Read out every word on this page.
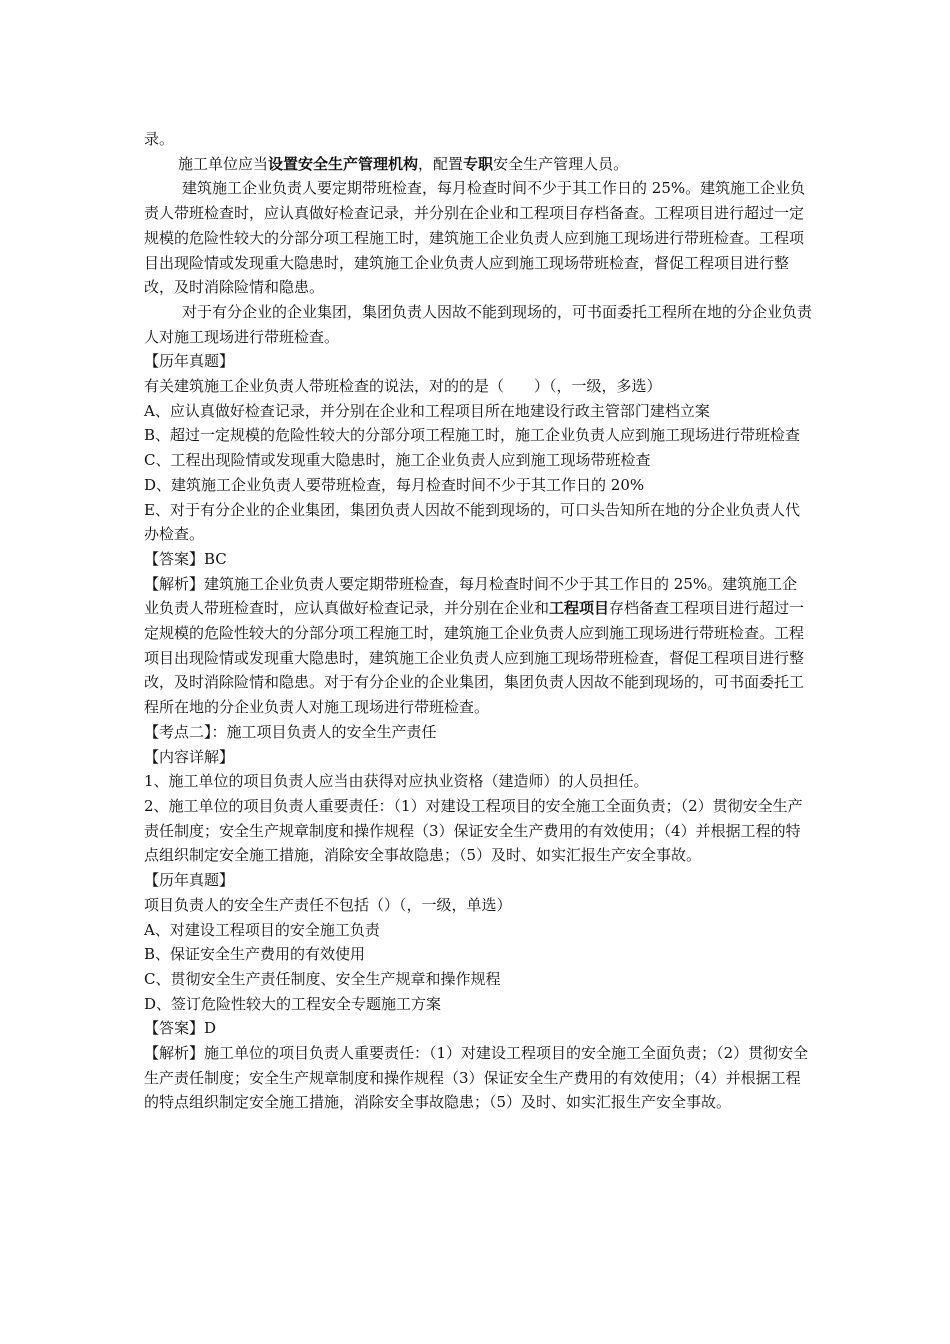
录。

施工单位应当设置安全生产管理机构，配置专职安全生产管理人员。

建筑施工企业负责人要定期带班检查，每月检查时间不少于其工作日的 25%。建筑施工企业负责人带班检查时，应认真做好检查记录，并分别在企业和工程项目存档备查。工程项目进行超过一定规模的危险性较大的分部分项工程施工时，建筑施工企业负责人应到施工现场进行带班检查。工程项目出现险情或发现重大隐患时，建筑施工企业负责人应到施工现场带班检查，督促工程项目进行整改，及时消除险情和隐患。

对于有分企业的企业集团，集团负责人因故不能到现场的，可书面委托工程所在地的分企业负责人对施工现场进行带班检查。

【历年真题】

有关建筑施工企业负责人带班检查的说法，对的的是（　　）（，一级，多选）

A、应认真做好检查记录，并分别在企业和工程项目所在地建设行政主管部门建档立案

B、超过一定规模的危险性较大的分部分项工程施工时，施工企业负责人应到施工现场进行带班检查

C、工程出现险情或发现重大隐患时，施工企业负责人应到施工现场带班检查

D、建筑施工企业负责人要带班检查，每月检查时间不少于其工作日的 20%

E、对于有分企业的企业集团，集团负责人因故不能到现场的，可口头告知所在地的分企业负责人代办检查。

【答案】BC

【解析】建筑施工企业负责人要定期带班检查，每月检查时间不少于其工作日的 25%。建筑施工企业负责人带班检查时，应认真做好检查记录，并分别在企业和工程项目存档备查工程项目进行超过一定规模的危险性较大的分部分项工程施工时，建筑施工企业负责人应到施工现场进行带班检查。工程项目出现险情或发现重大隐患时，建筑施工企业负责人应到施工现场带班检查，督促工程项目进行整改，及时消除险情和隐患。对于有分企业的企业集团，集团负责人因故不能到现场的，可书面委托工程所在地的分企业负责人对施工现场进行带班检查。

【考点二】：施工项目负责人的安全生产责任

【内容详解】

1、施工单位的项目负责人应当由获得对应执业资格（建造师）的人员担任。

2、施工单位的项目负责人重要责任：（1）对建设工程项目的安全施工全面负责；（2）贯彻安全生产责任制度；安全生产规章制度和操作规程（3）保证安全生产费用的有效使用；（4）并根据工程的特点组织制定安全施工措施，消除安全事故隐患；（5）及时、如实汇报生产安全事故。

【历年真题】

项目负责人的安全生产责任不包括（）（，一级，单选）

A、对建设工程项目的安全施工负责

B、保证安全生产费用的有效使用

C、贯彻安全生产责任制度、安全生产规章和操作规程

D、签订危险性较大的工程安全专题施工方案

【答案】D

【解析】施工单位的项目负责人重要责任：（1）对建设工程项目的安全施工全面负责；（2）贯彻安全生产责任制度；安全生产规章制度和操作规程（3）保证安全生产费用的有效使用；（4）并根据工程的特点组织制定安全施工措施，消除安全事故隐患；（5）及时、如实汇报生产安全事故。
